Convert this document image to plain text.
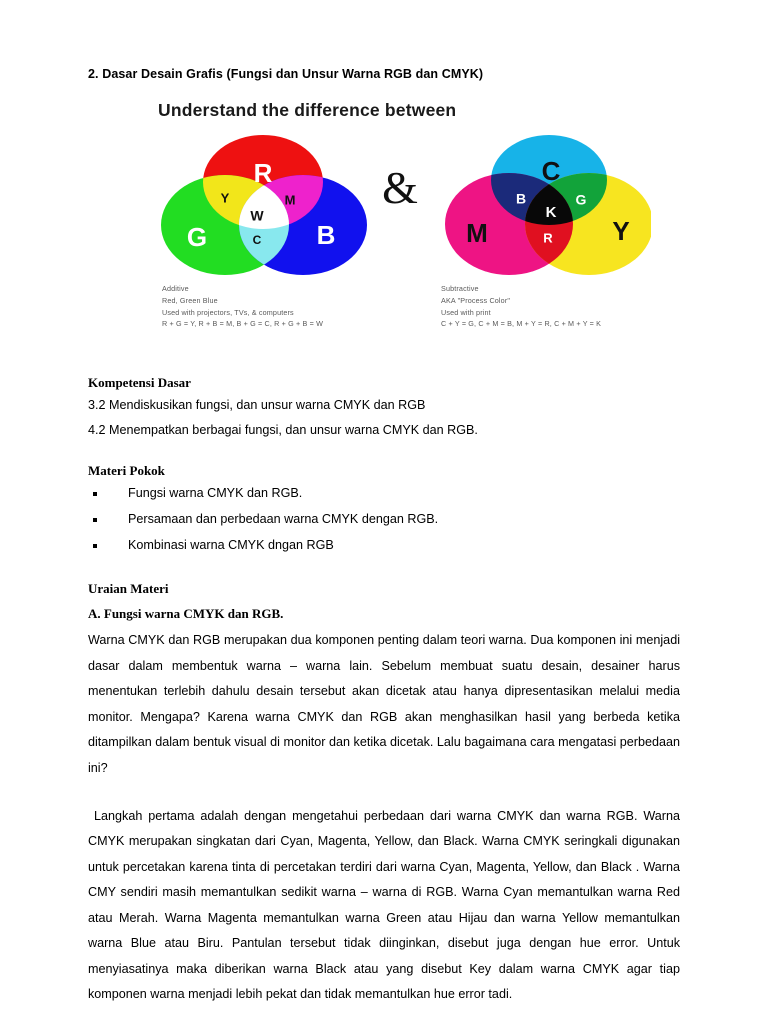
2. Dasar Desain Grafis (Fungsi dan Unsur Warna RGB dan CMYK)
Understand the difference between
R
G	B
Y	M
W
C
&	C
M	Y
B	G
K
R
Additive
Red, Green Blue
Used with projectors, TVs, & computers
R + G = Y, R + B = M, B + G = C, R + G + B = W
Subtractive
AKA "Process Color"
Used with print
C + Y = G, C + M = B, M + Y = R, C + M + Y = K
Kompetensi Dasar
3.2 Mendiskusikan fungsi, dan unsur warna CMYK dan RGB
4.2 Menempatkan berbagai fungsi, dan unsur warna CMYK dan RGB.
Materi Pokok
Fungsi warna CMYK dan RGB.
Persamaan dan perbedaan warna CMYK dengan RGB.
Kombinasi warna CMYK dngan RGB
Uraian Materi
A. Fungsi warna CMYK dan RGB.

Warna CMYK dan RGB merupakan dua komponen penting dalam teori warna. Dua komponen ini menjadi dasar dalam membentuk warna – warna lain. Sebelum membuat suatu desain, desainer harus menentukan terlebih dahulu desain tersebut akan dicetak atau hanya dipresentasikan melalui media monitor. Mengapa? Karena warna CMYK dan RGB akan menghasilkan hasil yang berbeda ketika ditampilkan dalam bentuk visual di monitor dan ketika dicetak. Lalu bagaimana cara mengatasi perbedaan ini?

Langkah pertama adalah dengan mengetahui perbedaan dari warna CMYK dan warna RGB. Warna CMYK merupakan singkatan dari Cyan, Magenta, Yellow, dan Black. Warna CMYK seringkali digunakan untuk percetakan karena tinta di percetakan terdiri dari warna Cyan, Magenta, Yellow, dan Black . Warna CMY sendiri masih memantulkan sedikit warna – warna di RGB. Warna Cyan memantulkan warna Red atau Merah. Warna Magenta memantulkan warna Green atau Hijau dan warna Yellow memantulkan warna Blue atau Biru. Pantulan tersebut tidak diinginkan, disebut juga dengan hue error. Untuk menyiasatinya maka diberikan warna Black atau yang disebut Key dalam warna CMYK agar tiap komponen warna menjadi lebih pekat dan tidak memantulkan hue error tadi.
